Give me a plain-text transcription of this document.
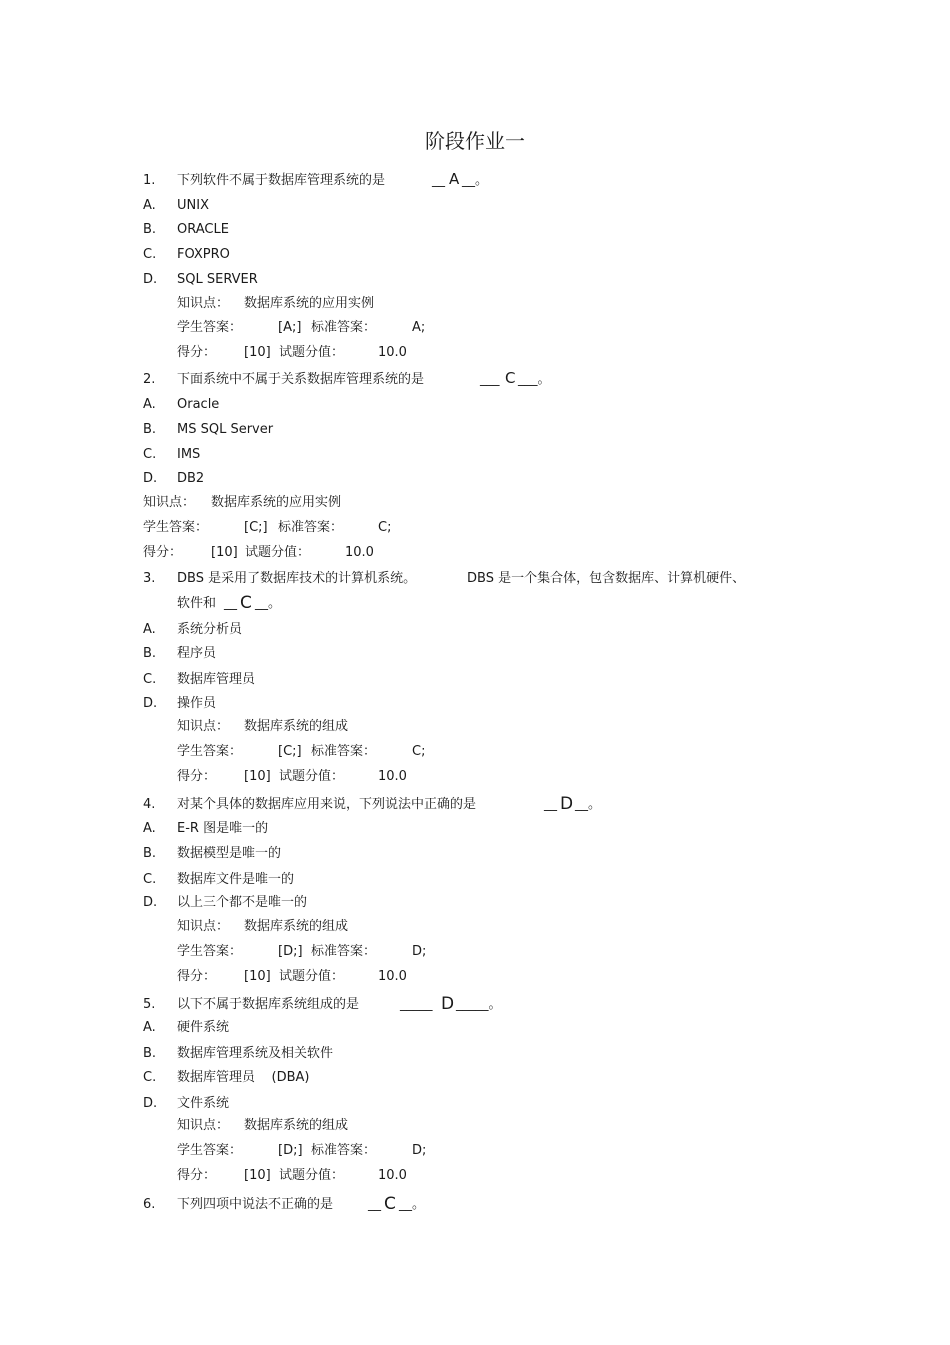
阶段作业一
1. 下列软件不属于数据库管理系统的是	__ A __。
A. UNIX
B. ORACLE
C. FOXPRO
D. SQL SERVER
知识点： 数据库系统的应用实例
学生答案：	[A;] 标准答案：	A;
得分： [10] 试题分值：	10.0
2. 下面系统中不属于关系数据库管理系统的是	___ C ___。
A. Oracle
B. MS SQL Server
C. IMS
D. DB2
知识点： 数据库系统的应用实例
学生答案：	[C;] 标准答案：	C;
得分： [10] 试题分值：	10.0
3. DBS 是采用了数据库技术的计算机系统。	DBS 是一个集合体，包含数据库、计算机硬件、
软件和 __ C __。
A. 系统分析员
B. 程序员
C. 数据库管理员
D. 操作员
知识点： 数据库系统的组成
学生答案：	[C;] 标准答案：	C;
得分： [10] 试题分值：	10.0
4. 对某个具体的数据库应用来说，下列说法中正确的是	__ D __。
A. E-R 图是唯一的
B. 数据模型是唯一的
C. 数据库文件是唯一的
D. 以上三个都不是唯一的
知识点： 数据库系统的组成
学生答案：	[D;] 标准答案：	D;
得分： [10] 试题分值：	10.0
5. 以下不属于数据库系统组成的是	_____ D _____。
A. 硬件系统
B. 数据库管理系统及相关软件
C. 数据库管理员    (DBA)
D. 文件系统
知识点： 数据库系统的组成
学生答案：	[D;] 标准答案：	D;
得分： [10] 试题分值：	10.0
6. 下列四项中说法不正确的是	__ C __。
